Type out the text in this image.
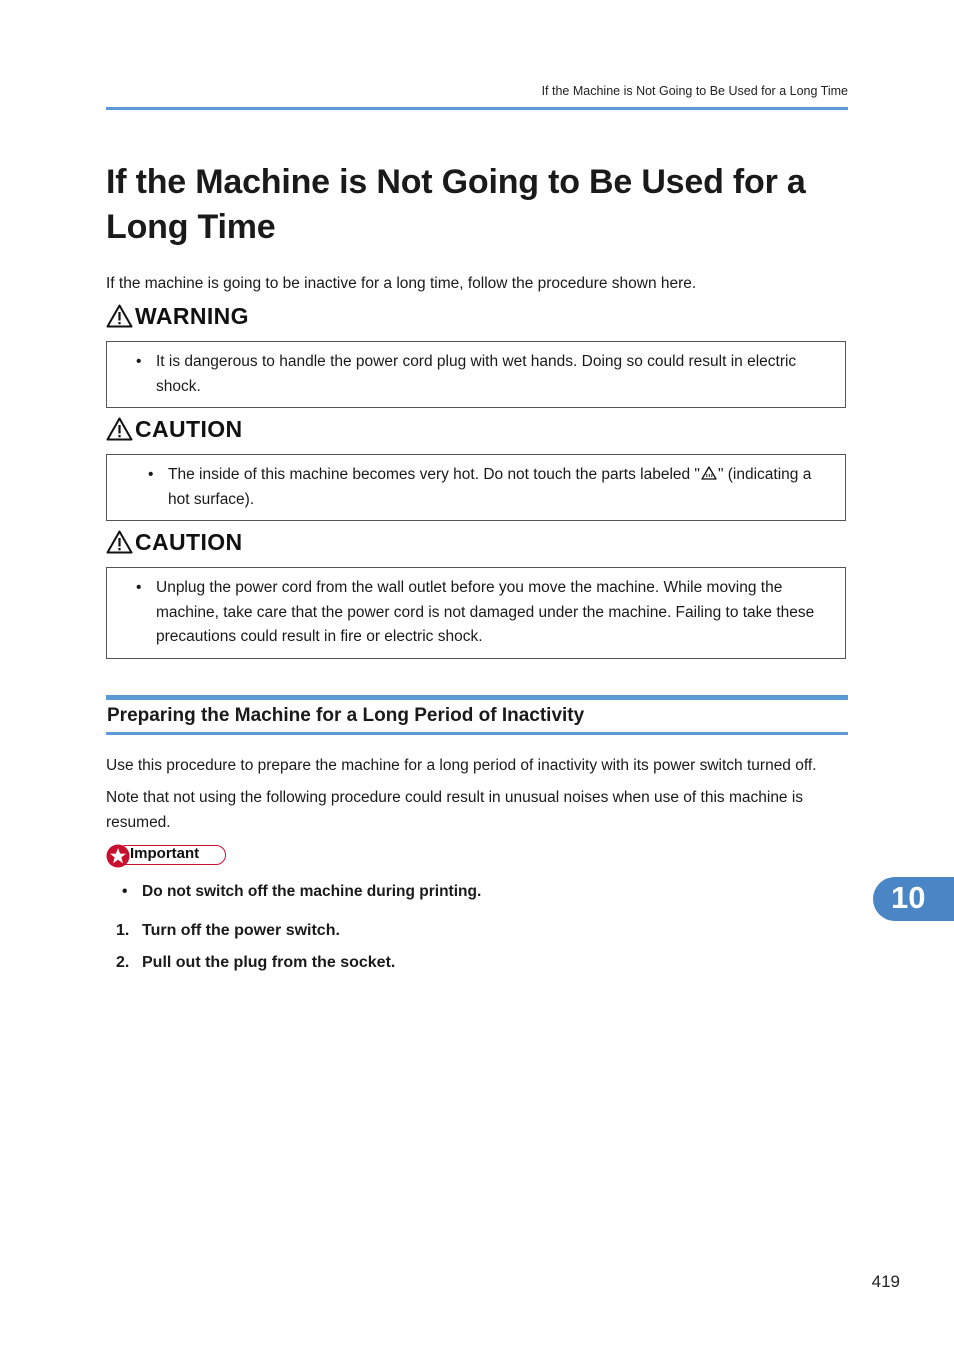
If the Machine is Not Going to Be Used for a Long Time
If the Machine is Not Going to Be Used for a Long Time

If the machine is going to be inactive for a long time, follow the procedure shown here.

WARNING
• It is dangerous to handle the power cord plug with wet hands. Doing so could result in electric shock.
CAUTION
• The inside of this machine becomes very hot. Do not touch the parts labeled " " (indicating a hot surface).
CAUTION
• Unplug the power cord from the wall outlet before you move the machine. While moving the machine, take care that the power cord is not damaged under the machine. Failing to take these precautions could result in fire or electric shock.
Preparing the Machine for a Long Period of Inactivity

Use this procedure to prepare the machine for a long period of inactivity with its power switch turned off.

Note that not using the following procedure could result in unusual noises when use of this machine is resumed.

Important
• Do not switch off the machine during printing.
1. Turn off the power switch.
2. Pull out the plug from the socket.
10
419
